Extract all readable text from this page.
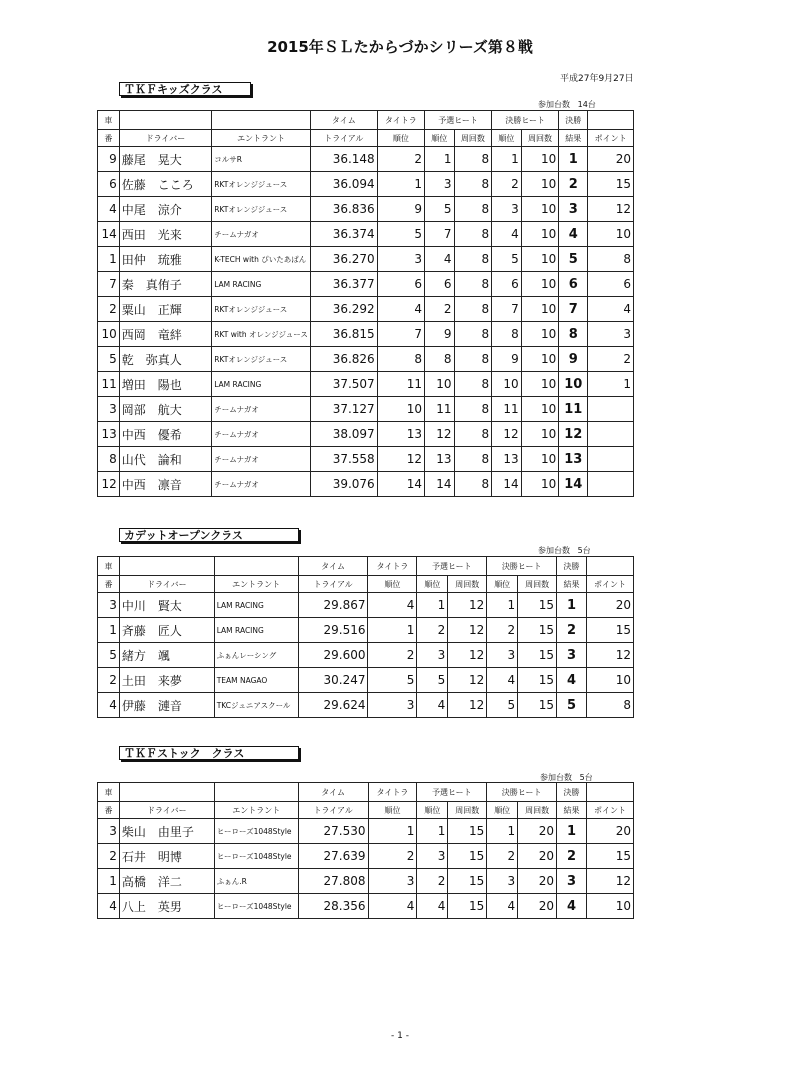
2015年ＳＬたからづかシリーズ第８戦
平成27年9月27日
ＴＫＦキッズクラス
カデットオープンクラス
ＴＫＦストック　クラス
参加台数 14台
参加台数 5台
参加台数 5台
車			タイム	タイトラ	予選ヒート		決勝ヒート		決勝	
番	ドライバー	エントラント	トライアル	順位	順位	周回数	順位	周回数	結果	ポイント
9	藤尾　晃大	コルサR	36.148	2	1	8	1	10	1	20
6	佐藤　こころ	RKTオレンジジュース	36.094	1	3	8	2	10	2	15
4	中尾　涼介	RKTオレンジジュース	36.836	9	5	8	3	10	3	12
14	西田　光来	チームナガオ	36.374	5	7	8	4	10	4	10
1	田仲　琉雅	K-TECH with ぴいたあぱん	36.270	3	4	8	5	10	5	8
7	秦　真侑子	LAM RACING	36.377	6	6	8	6	10	6	6
2	粟山　正輝	RKTオレンジジュース	36.292	4	2	8	7	10	7	4
10	西岡　竜絆	RKT with オレンジジュース	36.815	7	9	8	8	10	8	3
5	乾　弥真人	RKTオレンジジュース	36.826	8	8	8	9	10	9	2
11	増田　陽也	LAM RACING	37.507	11	10	8	10	10	10	1
3	岡部　航大	チームナガオ	37.127	10	11	8	11	10	11	
13	中西　優希	チームナガオ	38.097	13	12	8	12	10	12	
8	山代　論和	チームナガオ	37.558	12	13	8	13	10	13	
12	中西　凛音	チームナガオ	39.076	14	14	8	14	10	14	
車			タイム	タイトラ	予選ヒート		決勝ヒート		決勝	
番	ドライバー	エントラント	トライアル	順位	順位	周回数	順位	周回数	結果	ポイント
3	中川　賢太	LAM RACING	29.867	4	1	12	1	15	1	20
1	斉藤　匠人	LAM RACING	29.516	1	2	12	2	15	2	15
5	緒方　颯	ふぁんレーシング	29.600	2	3	12	3	15	3	12
2	土田　来夢	TEAM NAGAO	30.247	5	5	12	4	15	4	10
4	伊藤　漣音	TKCジュニアスクール	29.624	3	4	12	5	15	5	8
車			タイム	タイトラ	予選ヒート		決勝ヒート		決勝	
番	ドライバー	エントラント	トライアル	順位	順位	周回数	順位	周回数	結果	ポイント
3	柴山　由里子	ヒーローズ1048Style	27.530	1	1	15	1	20	1	20
2	石井　明博	ヒーローズ1048Style	27.639	2	3	15	2	20	2	15
1	高橋　洋二	ふぁん.R	27.808	3	2	15	3	20	3	12
4	八上　英男	ヒーローズ1048Style	28.356	4	4	15	4	20	4	10
- 1 -
